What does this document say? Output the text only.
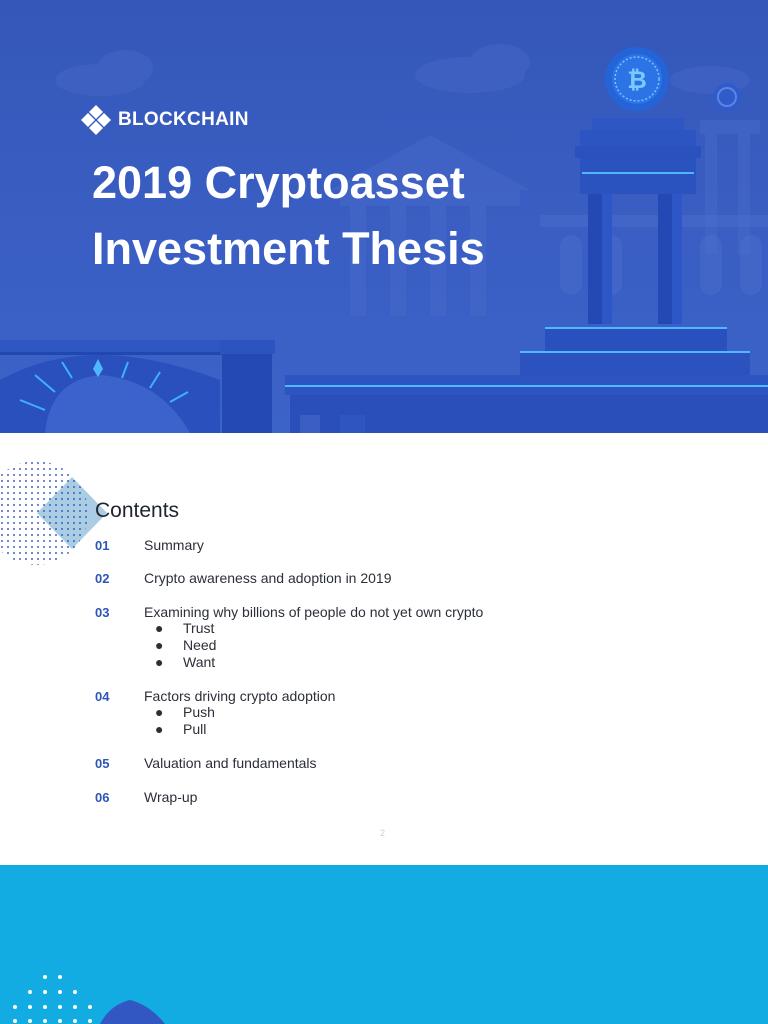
₿
BLOCKCHAIN
2019 Cryptoasset
Investment Thesis
Contents
01 Summary
02 Crypto awareness and adoption in 2019
03 Examining why billions of people do not yet own crypto
● Trust
● Need
● Want
04 Factors driving crypto adoption
● Push
● Pull
05 Valuation and fundamentals
06 Wrap-up
2
